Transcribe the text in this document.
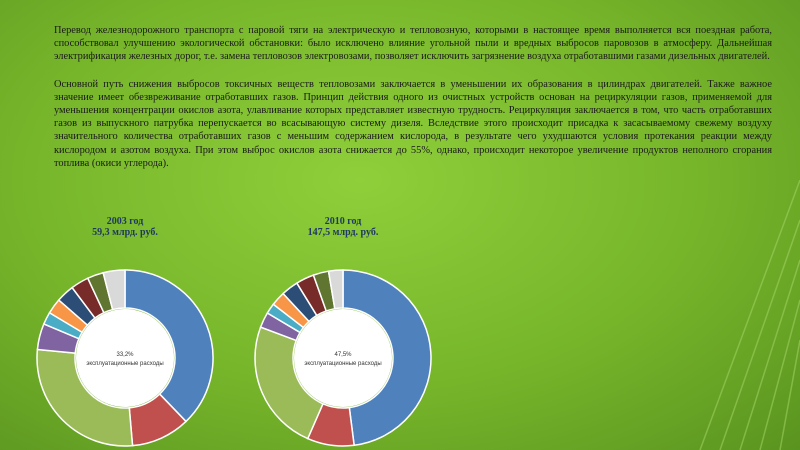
Перевод железнодорожного транспорта с паровой тяги на электрическую и тепловозную, которыми в настоящее время выполняется вся поездная работа, способствовал улучшению экологической обстановки: было исключено влияние угольной пыли и вредных выбросов паровозов в атмосферу. Дальнейшая электрификация железных дорог, т.е. замена тепловозов электровозами, позволяет исключить загрязнение воздуха отработавшими газами дизельных двигателей.

Основной путь снижения выбросов токсичных веществ тепловозами заключается в уменьшении их образования в цилиндрах двигателей. Также важное значение имеет обезвреживание отработавших газов. Принцип действия одного из очистных устройств основан на рециркуляции газов, применяемой для уменьшения концентрации окислов азота, улавливание которых представляет известную трудность. Рециркуляция заключается в том, что часть отработавших газов из выпускного патрубка перепускается во всасывающую систему дизеля. Вследствие этого происходит присадка к засасываемому свежему воздуху значительного количества отработавших газов с меньшим содержанием кислорода, в результате чего ухудшаются условия протекания реакции между кислородом и азотом воздуха. При этом выброс окислов азота снижается до 55%, однако, происходит некоторое увеличение продуктов неполного сгорания топлива (окиси углерода).

2003 год
59,3 млрд. руб.
33,2%
эксплуатационные расходы
2010 год
147,5 млрд. руб.
47,5%
эксплуатационные расходы
